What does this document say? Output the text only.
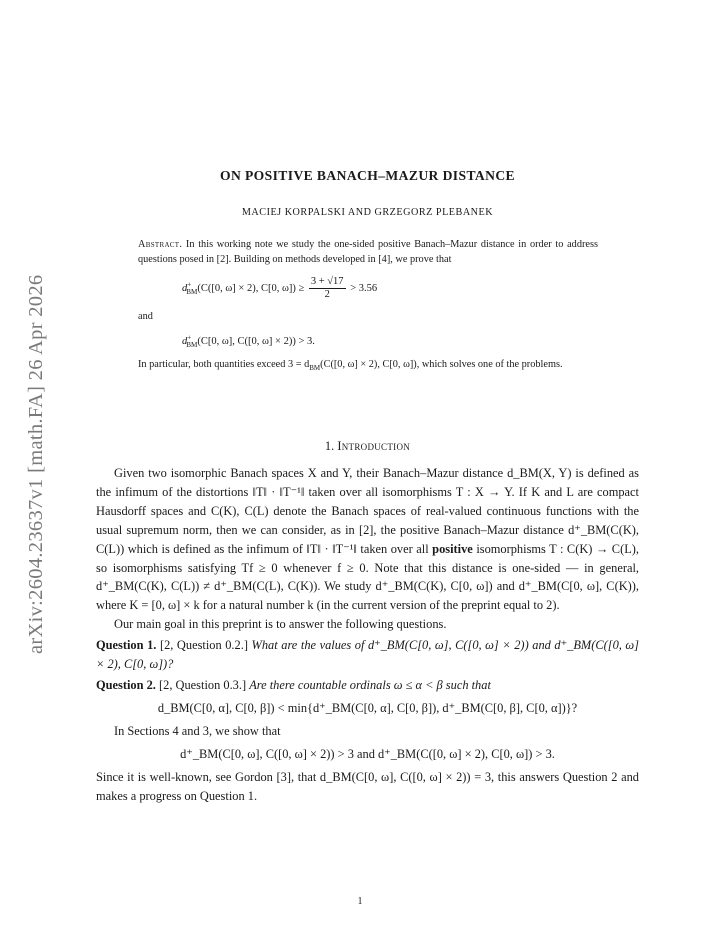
arXiv:2604.23637v1 [math.FA] 26 Apr 2026
ON POSITIVE BANACH–MAZUR DISTANCE
MACIEJ KORPALSKI AND GRZEGORZ PLEBANEK

Abstract. In this working note we study the one-sided positive Banach–Mazur distance in order to address questions posed in [2]. Building on methods developed in [4], we prove that

$d^+_{BM}(C([0$, ω] × 2), C[0, $\omega]) \ge \frac{3 + √17}{2} > 3.56$

and

$d^+_{BM}(C[0$, ω], C([0, ω] × 2)) > 3.

In particular, both quantities exceed $3 = d_{BM}(C([0$, ω] × 2), C[0, ω]), which solves one of the problems.

1. Introduction

Given two isomorphic Banach spaces X and Y, their Banach–Mazur distance d_BM(X, Y) is defined as the infimum of the distortions ‖T‖ · ‖T⁻¹‖ taken over all isomorphisms T : X → Y. If K and L are compact Hausdorff spaces and C(K), C(L) denote the Banach spaces of real-valued continuous functions with the usual supremum norm, then we can consider, as in [2], the positive Banach–Mazur distance d⁺_BM(C(K), C(L)) which is defined as the infimum of ‖T‖ · ‖T⁻¹‖ taken over all positive isomorphisms T : C(K) → C(L), so isomorphisms satisfying Tf ≥ 0 whenever f ≥ 0. Note that this distance is one-sided — in general, d⁺_BM(C(K), C(L)) ≠ d⁺_BM(C(L), C(K)). We study d⁺_BM(C(K), C[0, ω]) and d⁺_BM(C[0, ω], C(K)), where K = [0, ω] × k for a natural number k (in the current version of the preprint equal to 2).

Our main goal in this preprint is to answer the following questions.

Question 1. [2, Question 0.2.] What are the values of d⁺_BM(C[0, ω], C([0, ω] × 2)) and d⁺_BM(C([0, ω] × 2), C[0, ω])?

Question 2. [2, Question 0.3.] Are there countable ordinals ω ≤ α < β such that

d_BM(C[0, α], C[0, β]) < min{d⁺_BM(C[0, α], C[0, β]), d⁺_BM(C[0, β], C[0, α])}?

In Sections 4 and 3, we show that

d⁺_BM(C[0, ω], C([0, ω] × 2)) > 3 and d⁺_BM(C([0, ω] × 2), C[0, ω]) > 3.

Since it is well-known, see Gordon [3], that d_BM(C[0, ω], C([0, ω] × 2)) = 3, this answers Question 2 and makes a progress on Question 1.

1
